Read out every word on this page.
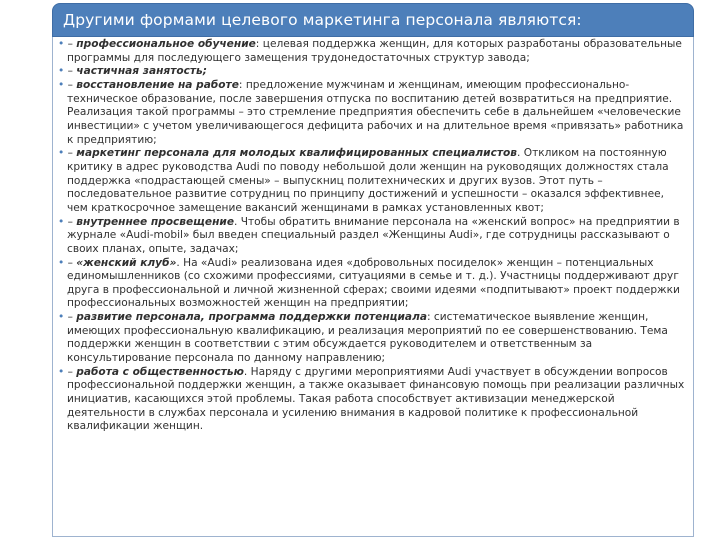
Другими формами целевого маркетинга персонала являются:

• – профессиональное обучение: целевая поддержка женщин, для которых разработаны образовательные программы для последующего замещения трудонедостаточных структур завода;

• – частичная занятость;

• – восстановление на работе: предложение мужчинам и женщинам, имеющим профессионально-техническое образование, после завершения отпуска по воспитанию детей возвратиться на предприятие. Реализация такой программы – это стремление предприятия обеспечить себе в дальнейшем «человеческие инвестиции» с учетом увеличивающегося дефицита рабочих и на длительное время «привязать» работника к предприятию;

• – маркетинг персонала для молодых квалифицированных специалистов. Откликом на постоянную критику в адрес руководства Audi по поводу небольшой доли женщин на руководящих должностях стала поддержка «подрастающей смены» – выпускниц политехнических и других вузов. Этот путь – последовательное развитие сотрудниц по принципу достижений и успешности – оказался эффективнее, чем краткосрочное замещение вакансий женщинами в рамках установленных квот;

• – внутреннее просвещение. Чтобы обратить внимание персонала на «женский вопрос» на предприятии в журнале «Audi-mobil» был введен специальный раздел «Женщины Audi», где сотрудницы рассказывают о своих планах, опыте, задачах;

• – «женский клуб». На «Audi» реализована идея «добровольных посиделок» женщин – потенциальных единомышленников (со схожими профессиями, ситуациями в семье и т. д.). Участницы поддерживают друг друга в профессиональной и личной жизненной сферах; своими идеями «подпитывают» проект поддержки профессиональных возможностей женщин на предприятии;

• – развитие персонала, программа поддержки потенциала: систематическое выявление женщин, имеющих профессиональную квалификацию, и реализация мероприятий по ее совершенствованию. Тема поддержки женщин в соответствии с этим обсуждается руководителем и ответственным за консультирование персонала по данному направлению;

• – работа с общественностью. Наряду с другими мероприятиями Audi участвует в обсуждении вопросов профессиональной поддержки женщин, а также оказывает финансовую помощь при реализации различных инициатив, касающихся этой проблемы. Такая работа способствует активизации менеджерской деятельности в службах персонала и усилению внимания в кадровой политике к профессиональной квалификации женщин.
